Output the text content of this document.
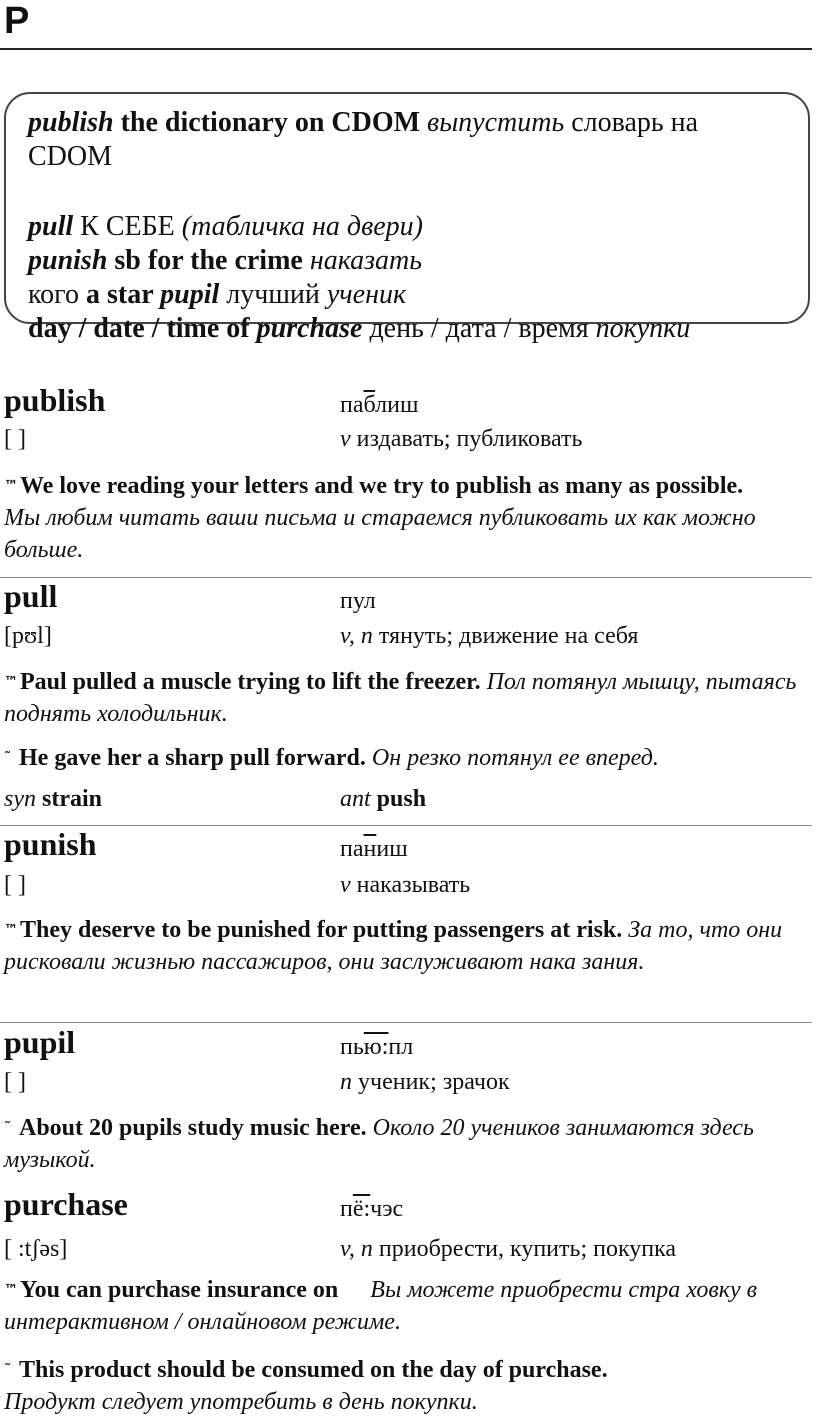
P
publish the dictionary on CDOM выпустить словарь на
CDOM
pull К СЕБЕ (табличка на двери)
punish sb for the crime наказать
кого a star pupil лучший ученик
day / date / time of purchase день / дата / время покупки
publish	паблиш
[ ]	v издавать; публиковать
™We love reading your letters and we try to publish as many as possible.
Мы любим читать ваши письма и стараемся публиковать их как можно больше.
pull	пул
[pʊl]	v, n тянуть; движение на себя
™Paul pulled a muscle trying to lift the freezer. Пол потянул мышцу, пытаясь поднять холодильник.
˜ He gave her a sharp pull forward. Он резко потянул ее вперед.
syn strain	ant push
punish	паниш
[ ]	v наказывать
™They deserve to be punished for putting passengers at risk. За то, что они рисковали жизнью пассажиров, они заслуживают нака зания.
pupil	пью:пл
[ ]	n ученик; зрачок
˜ About 20 pupils study music here. Около 20 учеников занимаются здесь музыкой.
purchase	пё:чэс
[ :tʃəs]	v, n приобрести, купить; покупка
™You can purchase insurance on Вы можете приобрести стра ховку в интерактивном / онлайновом режиме.
˜ This product should be consumed on the day of purchase.
Продукт следует употребить в день покупки.
